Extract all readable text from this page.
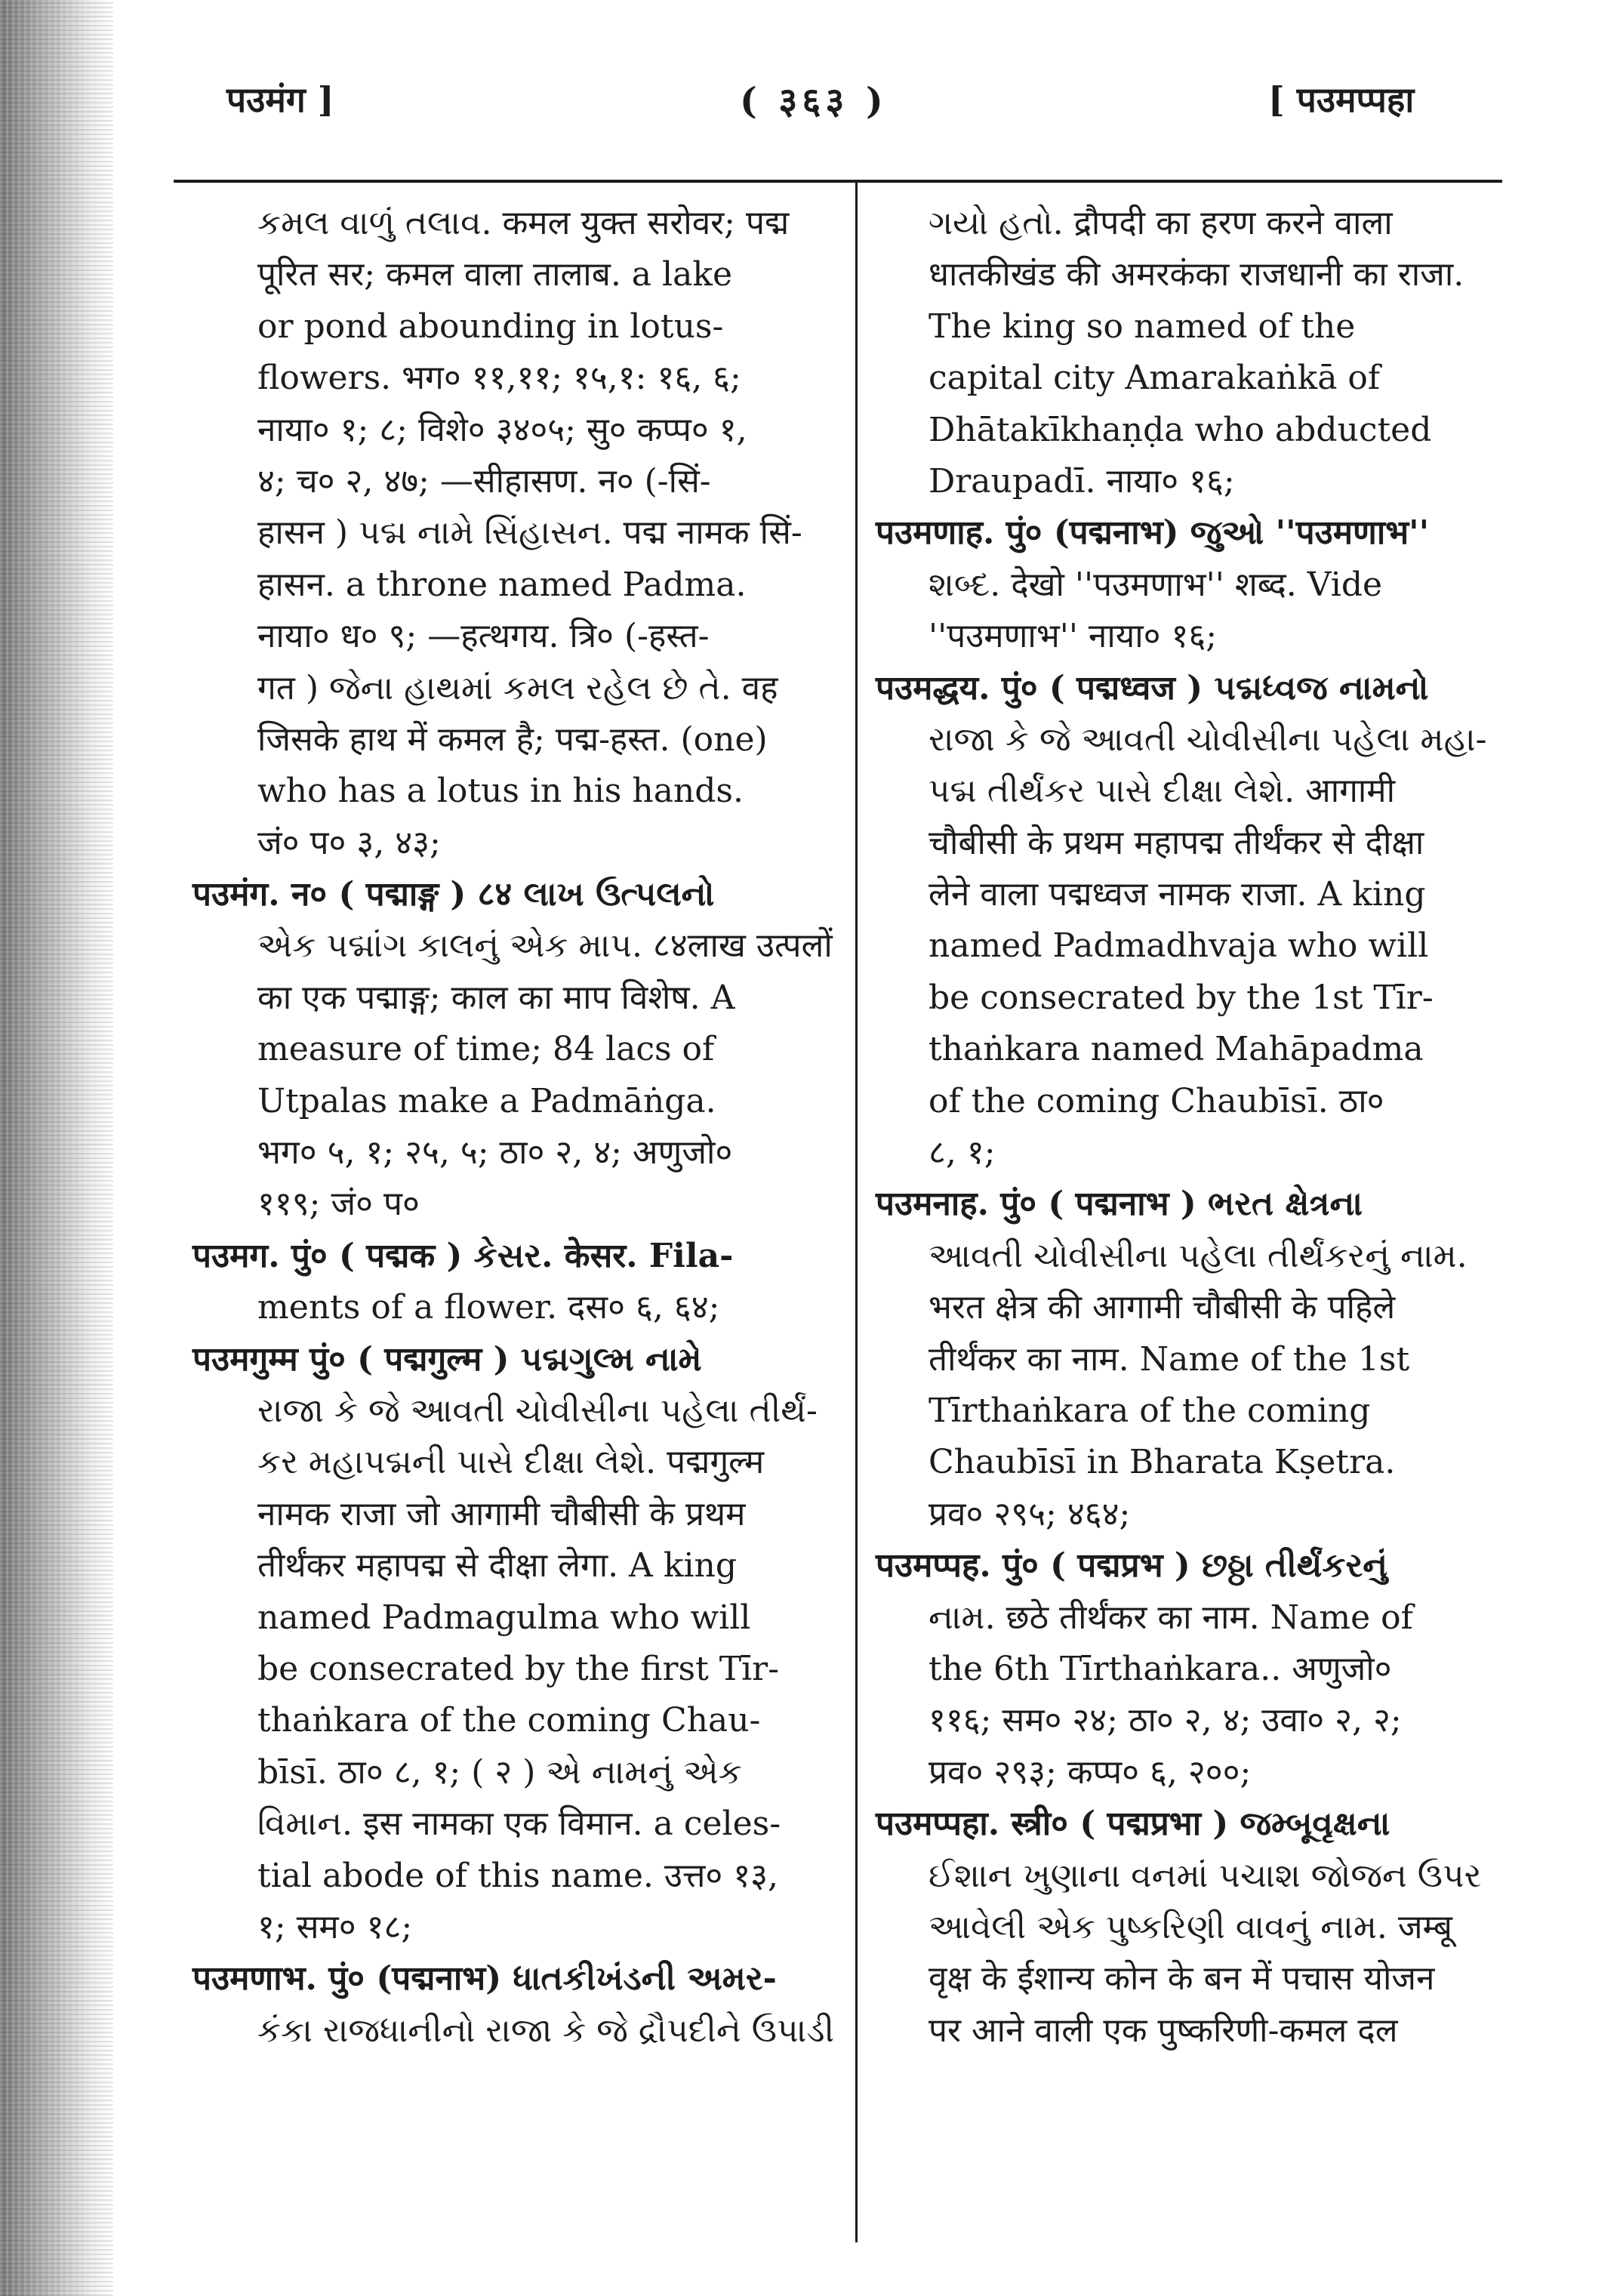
पउमंग ]	( ३६३ )	[ पउमप्पहा
કમલ વાળું તલાવ. कमल युक्त सरोवर; पद्म
पूरित सर; कमल वाला तालाब. a lake
or pond abounding in lotus-
flowers. भग० ११,११; १५,१: १६, ६;
नाया० १; ८; विशे० ३४०५; सु० कप्प० १,
४; च० २, ४७; —सीहासण. न० (-सिं-
हासन ) પદ્મ નામે સિંહાસન. पद्म नामक सिं-
हासन. a throne named Padma.
नाया० ध० ९; —हत्थगय. त्रि० (-हस्त-
गत ) જેના હાથમાં કમલ રહેલ છે તે. वह
जिसके हाथ में कमल है; पद्म-हस्त. (one)
who has a lotus in his hands.
जं० प० ३, ४३;
पउमंग. न० ( पद्माङ्ग ) ८४ લાખ ઉત્પલનો
એક પદ્માંગ કાલનું એક માપ. ८४लाख उत्पलों
का एक पद्माङ्ग; काल का माप विशेष. A
measure of time; 84 lacs of
Utpalas make a Padmāṅga.
भग० ५, १; २५, ५; ठा० २, ४; अणुजो०
११९; जं० प०
पउमग. पुं० ( पद्मक ) કેસર. केसर. Fila-
ments of a flower. दस० ६, ६४;
पउमगुम्म पुं० ( पद्मगुल्म ) પદ્મગુલ્મ નામે
રાજા કે જે આવતી ચોવીસીના પહેલા તીર્થં-
કર મહાપદ્મની પાસે દીક્ષા લેશે. पद्मगुल्म
नामक राजा जो आगामी चौबीसी के प्रथम
तीर्थंकर महापद्म से दीक्षा लेगा. A king
named Padmagulma who will
be consecrated by the first Tīr-
thaṅkara of the coming Chau-
bīsī. ठा० ८, १; ( २ ) એ નામનું એક
વિમાન. इस नामका एक विमान. a celes-
tial abode of this name. उत्त० १३,
१; सम० १८;
पउमणाभ. पुं० (पद्मनाभ) ધાતકીખંડની અમર-
કંકા રાજધાનીનો રાજા કે જે દ્રૌપદીને ઉપાડી
ગયો હતો. द्रौपदी का हरण करने वाला
धातकीखंड की अमरकंका राजधानी का राजा.
The king so named of the
capital city Amarakaṅkā of
Dhātakīkhaṇḍa who abducted
Draupadī. नाया० १६;
पउमणाह. पुं० (पद्मनाभ) જુઓ ''पउमणाभ''
શબ્દ. देखो ''पउमणाभ'' शब्द. Vide
''पउमणाभ'' नाया० १६;
पउमद्धय. पुं० ( पद्मध्वज ) પદ્મધ્વજ નામનો
રાજા કે જે આવતી ચોવીસીના પહેલા મહા-
પદ્મ તીર્થંકર પાસે દીક્ષા લેશે. आगामी
चौबीसी के प्रथम महापद्म तीर्थंकर से दीक्षा
लेने वाला पद्मध्वज नामक राजा. A king
named Padmadhvaja who will
be consecrated by the 1st Tīr-
thaṅkara named Mahāpadma
of the coming Chaubīsī. ठा०
८, १;
पउमनाह. पुं० ( पद्मनाभ ) ભરત ક્ષેત્રના
આવતી ચોવીસીના પહેલા તીર્થંકરનું નામ.
भरत क्षेत्र की आगामी चौबीसी के पहिले
तीर्थंकर का नाम. Name of the 1st
Tīrthaṅkara of the coming
Chaubīsī in Bharata Kṣetra.
प्रव० २९५; ४६४;
पउमप्पह. पुं० ( पद्मप्रभ ) છઠ્ઠા તીર્થંકરનું
નામ. छठे तीर्थंकर का नाम. Name of
the 6th Tīrthaṅkara.. अणुजो०
११६; सम० २४; ठा० २, ४; उवा० २, २;
प्रव० २९३; कप्प० ६, २००;
पउमप्पहा. स्त्री० ( पद्मप्रभा ) જમ્બૂવૃક્ષના
ઈશાન ખુણાના વનમાં પચાશ જોજન ઉપર
આવેલી એક પુષ્કરિણી વાવનું નામ. जम्बू
वृक्ष के ईशान्य कोन के बन में पचास योजन
पर आने वाली एक पुष्करिणी-कमल दल
